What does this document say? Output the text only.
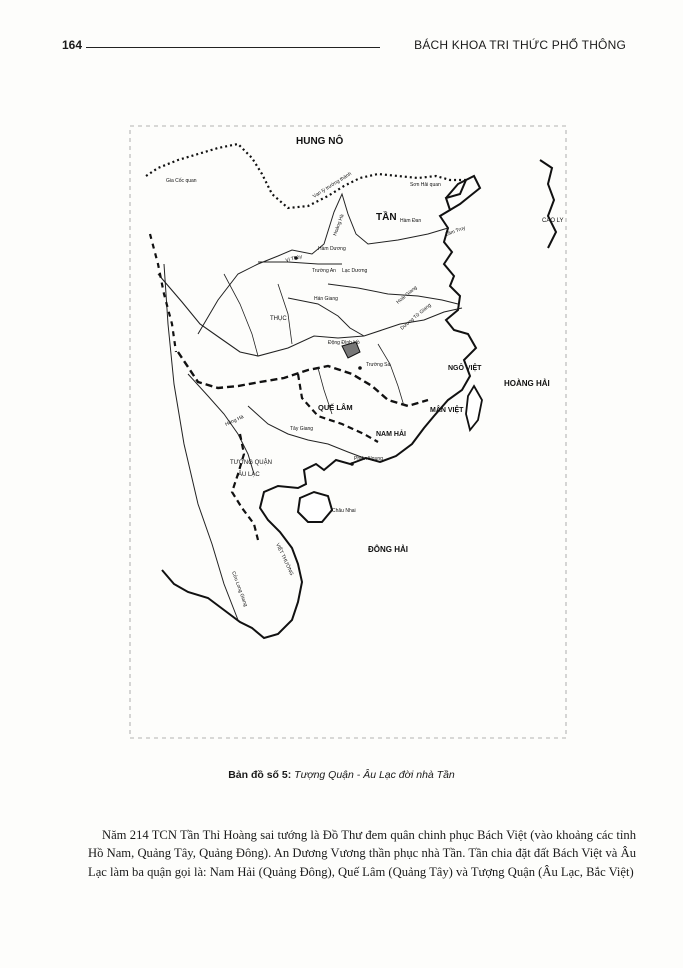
164	BÁCH KHOA TRI THỨC PHỔ THÔNG
HUNG NÔ
TẦN	CAO LY
HOÀNG HẢI
ĐÔNG HẢI
NGÔ VIỆT
MÂN VIỆT
QUẾ LÂM
NAM HẢI
TƯỢNG QUẬN
ÂU LẠC
THỤC
Gia Cốc quan	Vạn lý trường thành	Sơn Hải quan
Hàm Đan
Lâm Truy
Hoàng Hà
Hàm Dương
Vị Thủy
Trường An Lạc Dương
Hoài Giang
Hán Giang
Dương Tử Giang
Động Đình Hồ
Trường Sa
Hồng Hà
Tây Giang
Phiên Ngung
Châu Nhai
Cửu Long Giang
VIỆT THƯỜNG
Bản đồ số 5: Tượng Quận - Âu Lạc đời nhà Tần

Năm 214 TCN Tần Thỉ Hoàng sai tướng là Đồ Thư đem quân chinh phục Bách Việt (vào khoảng các tỉnh Hồ Nam, Quảng Tây, Quảng Đông). An Dương Vương thần phục nhà Tần. Tần chia đặt đất Bách Việt và Âu Lạc làm ba quận gọi là: Nam Hải (Quảng Đông), Quế Lâm (Quảng Tây) và Tượng Quận (Âu Lạc, Bắc Việt)
